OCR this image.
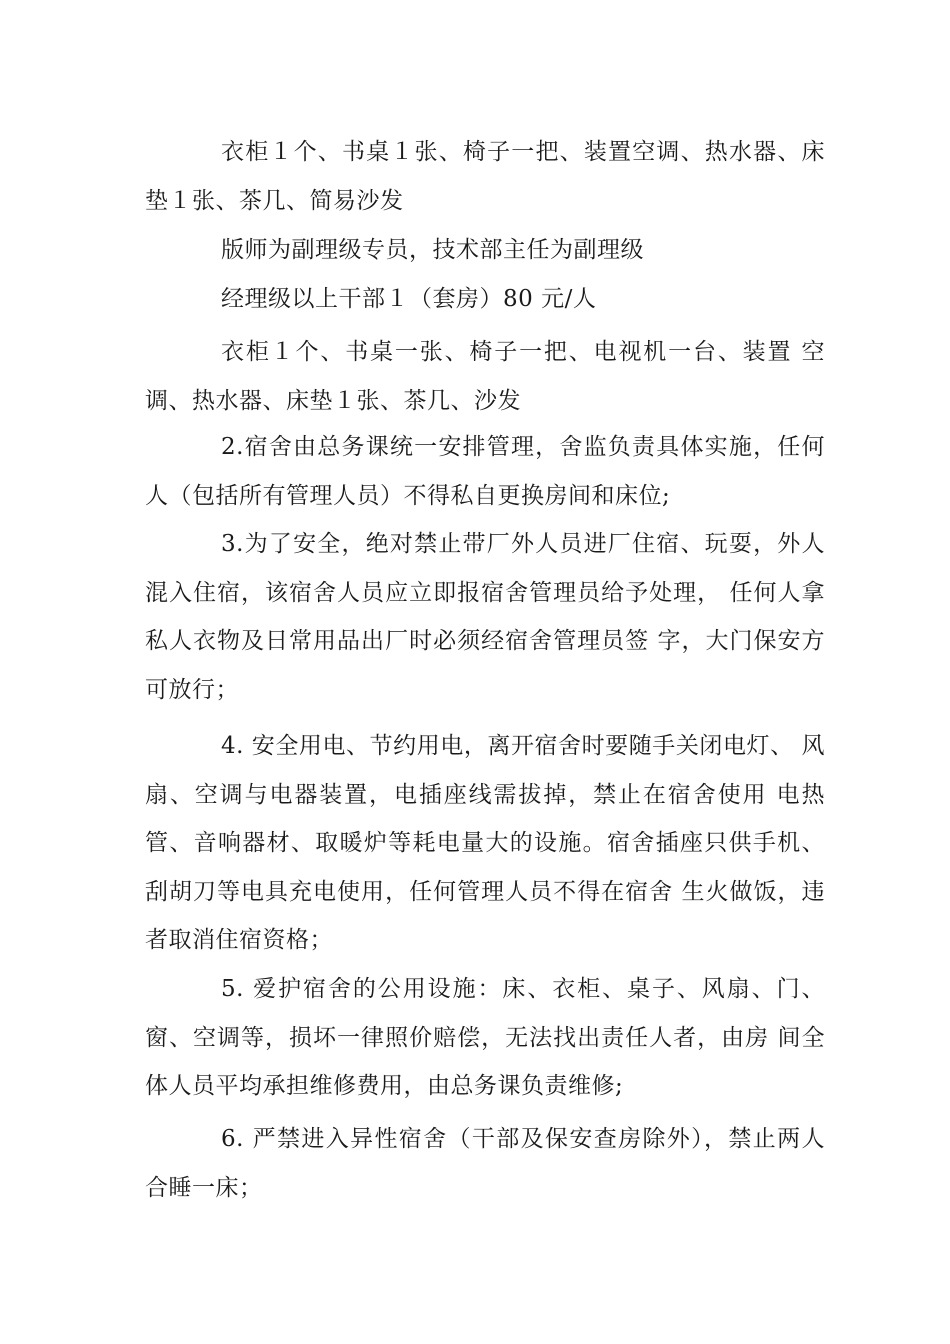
衣柜１个、书桌１张、椅子一把、装置空调、热水器、床垫１张、茶几、简易沙发

版师为副理级专员，技术部主任为副理级

经理级以上干部１（套房）80 元/人

衣柜１个、书桌一张、椅子一把、电视机一台、装置 空调、热水器、床垫１张、茶几、沙发

2.宿舍由总务课统一安排管理，舍监负责具体实施，任何人（包括所有管理人员）不得私自更换房间和床位;

3.为了安全，绝对禁止带厂外人员进厂住宿、玩耍，外人混入住宿，该宿舍人员应立即报宿舍管理员给予处理， 任何人拿私人衣物及日常用品出厂时必须经宿舍管理员签 字，大门保安方可放行；

4. 安全用电、节约用电，离开宿舍时要随手关闭电灯、 风扇、空调与电器装置，电插座线需拔掉，禁止在宿舍使用 电热管、音响器材、取暖炉等耗电量大的设施。宿舍插座只供手机、刮胡刀等电具充电使用，任何管理人员不得在宿舍 生火做饭，违者取消住宿资格；

5. 爱护宿舍的公用设施：床、衣柜、桌子、风扇、门、 窗、空调等，损坏一律照价赔偿，无法找出责任人者，由房 间全体人员平均承担维修费用，由总务课负责维修;

6. 严禁进入异性宿舍（干部及保安查房除外），禁止两人合睡一床；
